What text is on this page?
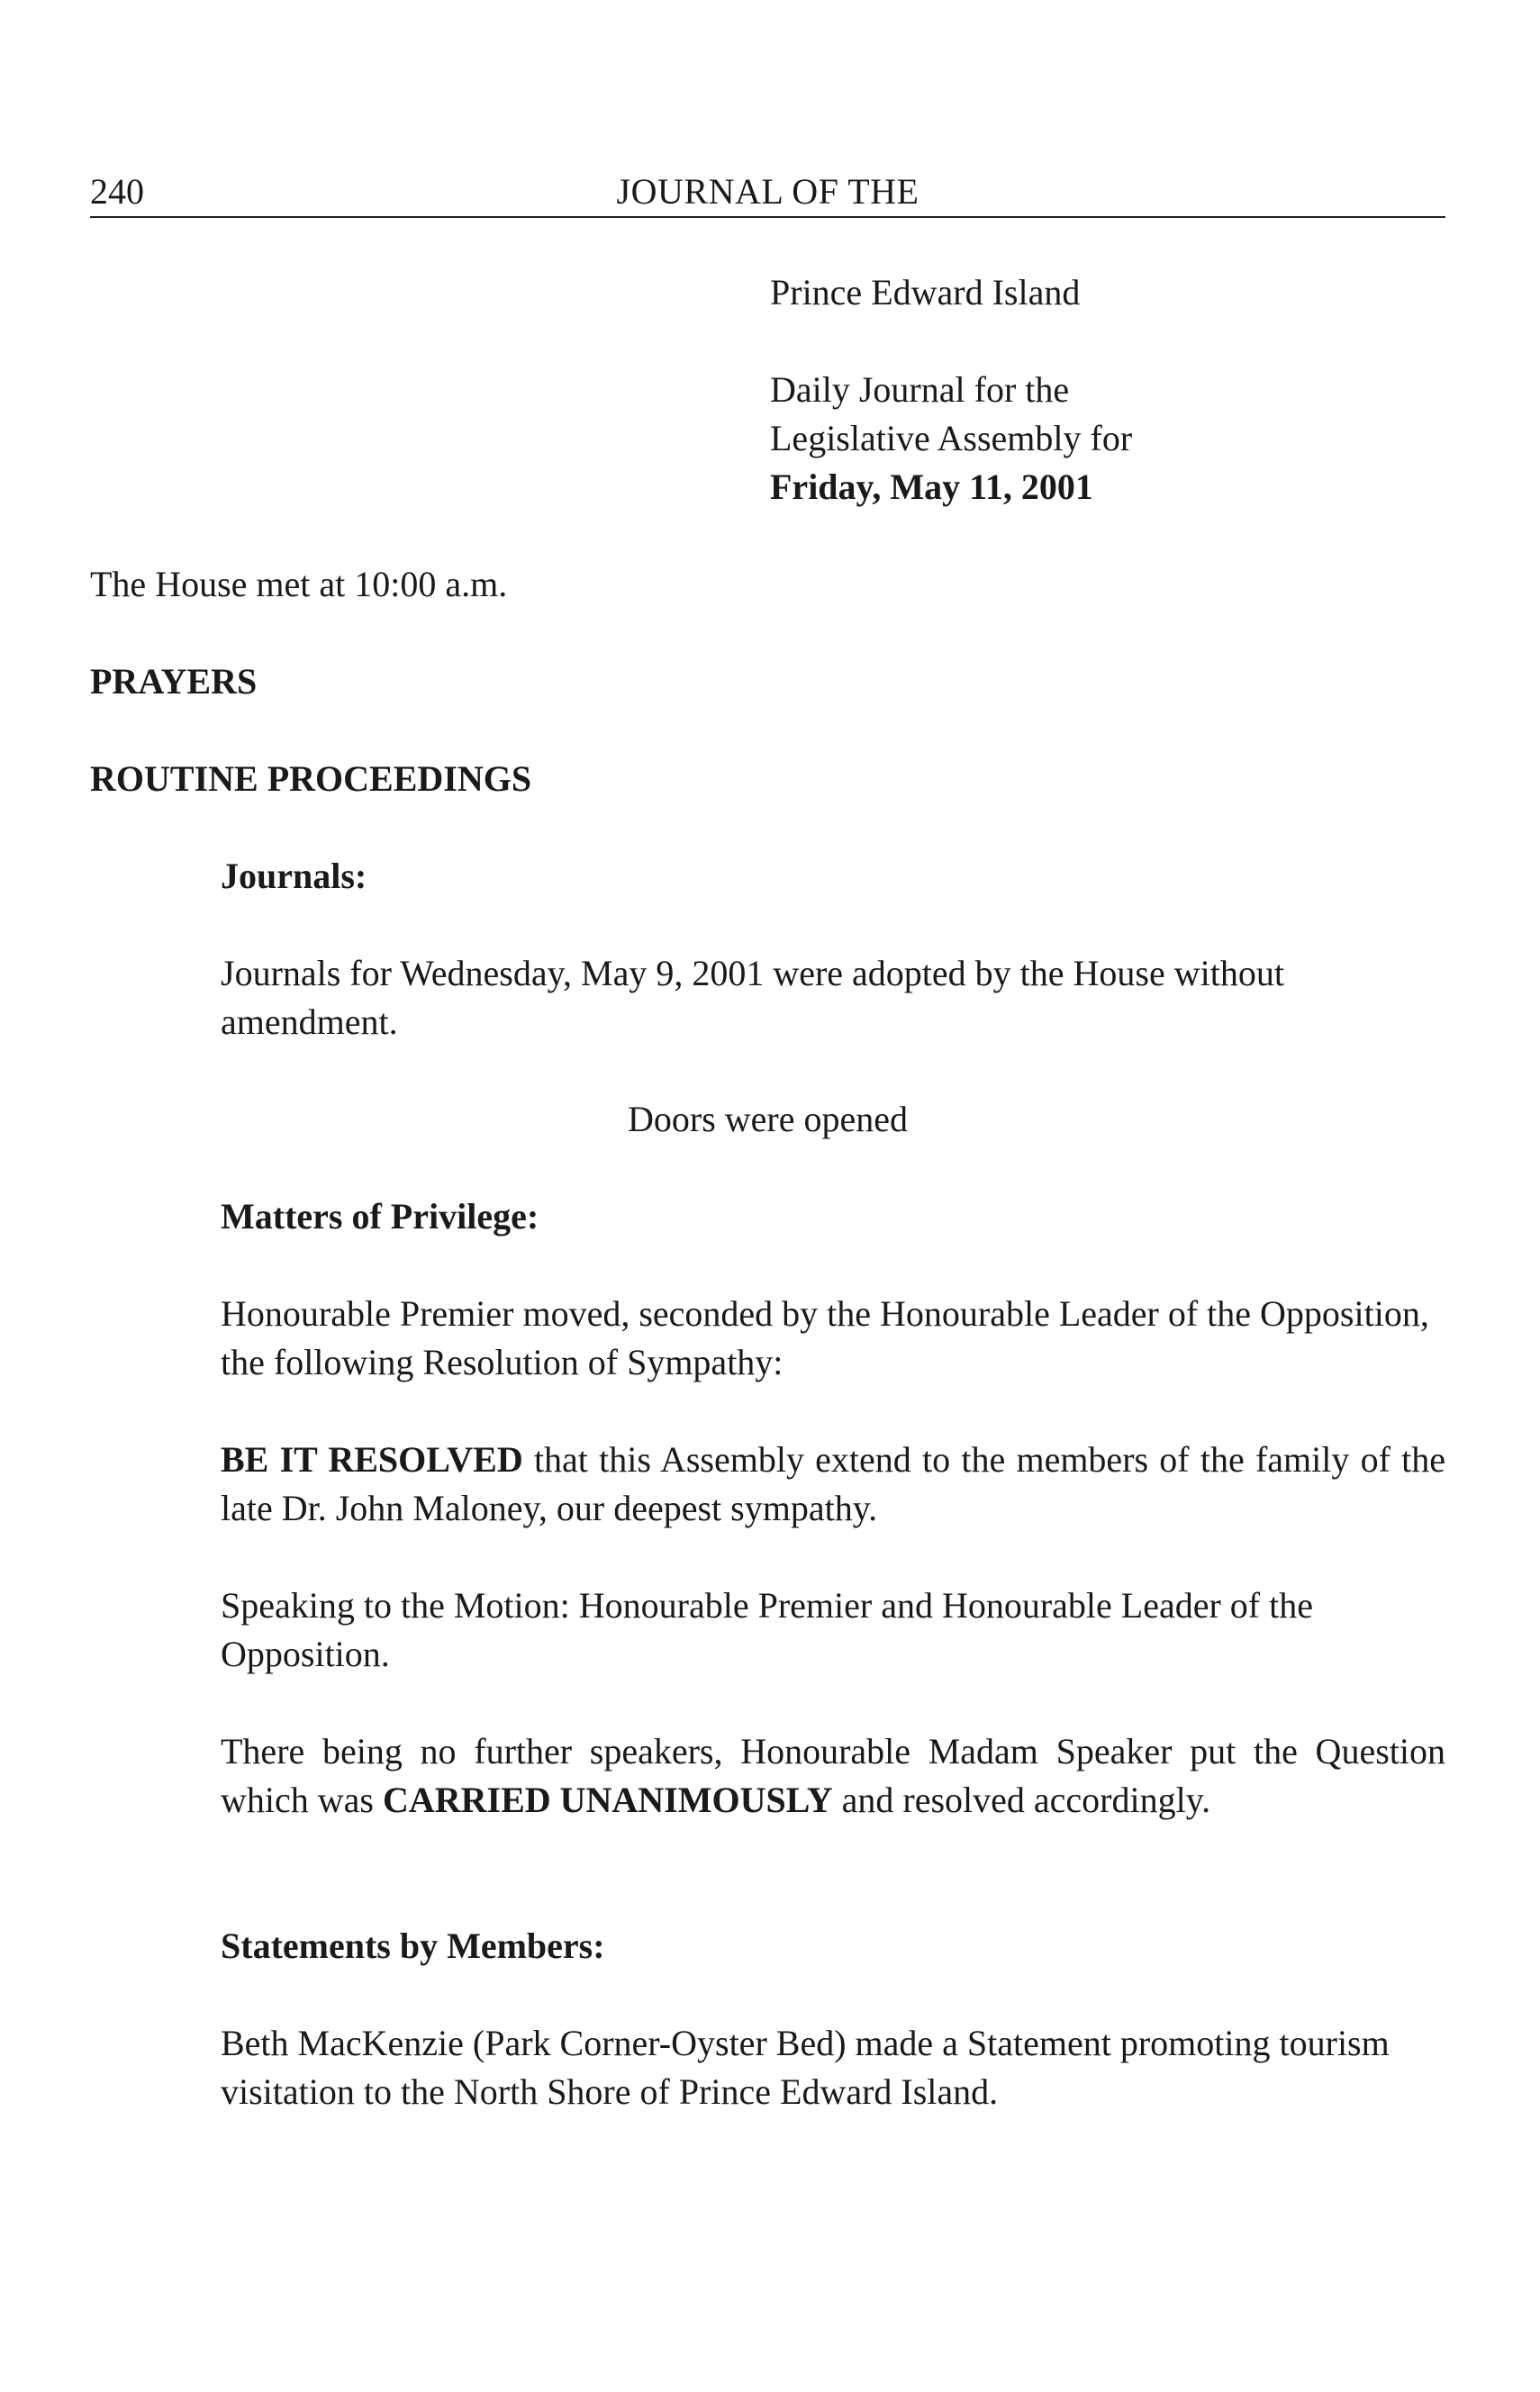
240	JOURNAL OF THE

Prince Edward Island

Daily Journal for the

Legislative Assembly for

Friday, May 11, 2001

The House met at 10:00 a.m.

PRAYERS

ROUTINE PROCEEDINGS

Journals:

Journals for Wednesday, May 9, 2001 were adopted by the House without amendment.

Doors were opened

Matters of Privilege:

Honourable Premier moved, seconded by the Honourable Leader of the Opposition, the following Resolution of Sympathy:

BE IT RESOLVED that this Assembly extend to the members of the family of the late Dr. John Maloney, our deepest sympathy.

Speaking to the Motion: Honourable Premier and Honourable Leader of the Opposition.

There being no further speakers, Honourable Madam Speaker put the Question which was CARRIED UNANIMOUSLY and resolved accordingly.

Statements by Members:

Beth MacKenzie (Park Corner-Oyster Bed) made a Statement promoting tourism visitation to the North Shore of Prince Edward Island.
